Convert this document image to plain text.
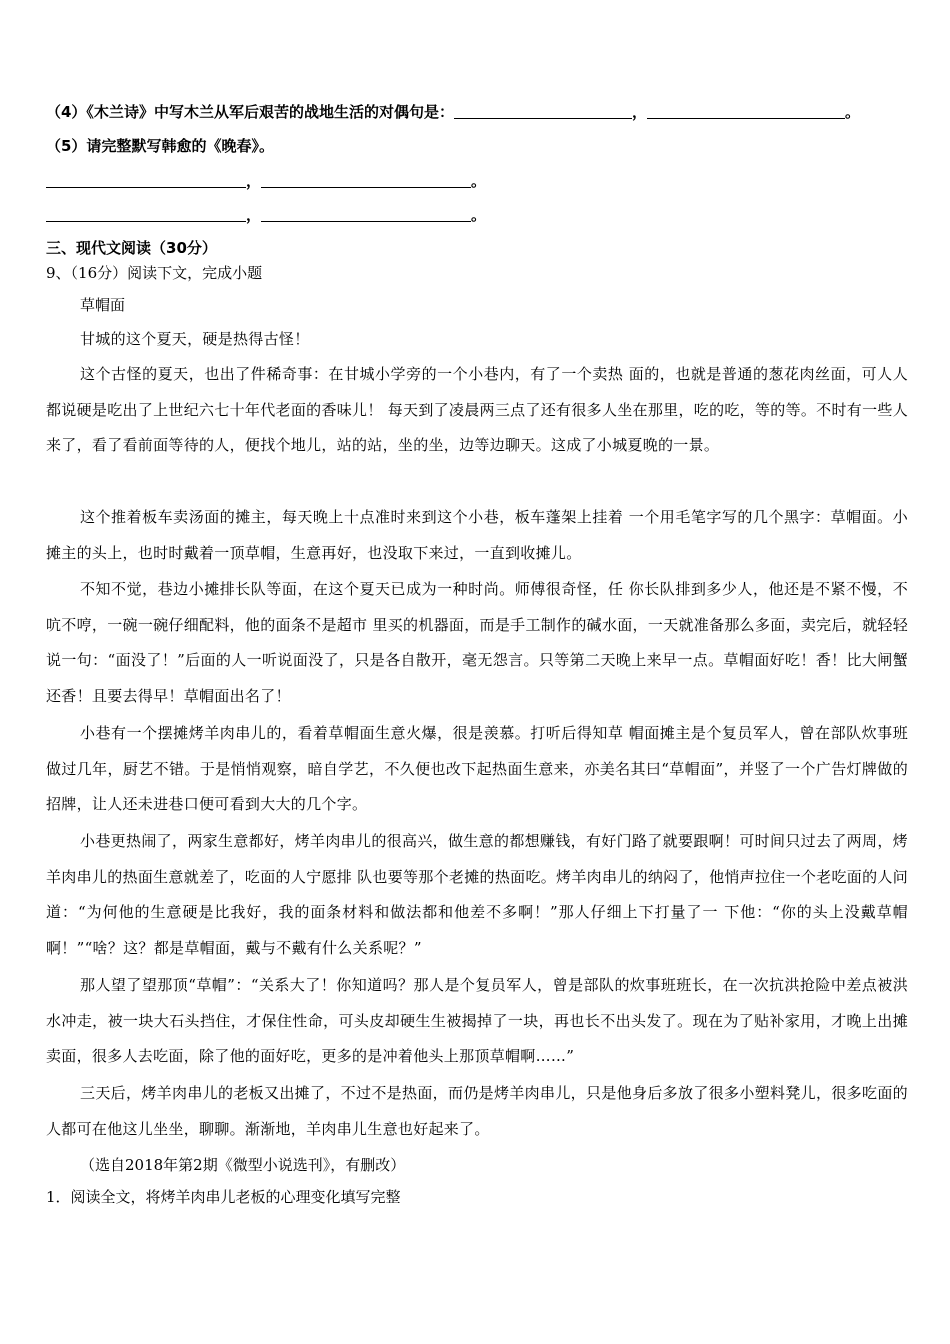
（4）《木兰诗》中写木兰从军后艰苦的战地生活的对偶句是：	，	。
（5）请完整默写韩愈的《晚春》。
，	。
，	。
三、现代文阅读（30分）
9、（16分）阅读下文，完成小题
草帽面
甘城的这个夏天，硬是热得古怪！
这个古怪的夏天，也出了件稀奇事：在甘城小学旁的一个小巷内，有了一个卖热 面的，也就是普通的葱花肉丝面，可人人都说硬是吃出了上世纪六七十年代老面的香味儿！ 每天到了凌晨两三点了还有很多人坐在那里，吃的吃，等的等。不时有一些人来了，看了看前面等待的人，便找个地儿，站的站，坐的坐，边等边聊天。这成了小城夏晚的一景。
这个推着板车卖汤面的摊主，每天晚上十点准时来到这个小巷，板车蓬架上挂着 一个用毛笔字写的几个黑字：草帽面。小摊主的头上，也时时戴着一顶草帽，生意再好，也没取下来过，一直到收摊儿。
不知不觉，巷边小摊排长队等面，在这个夏天已成为一种时尚。师傅很奇怪，任 你长队排到多少人，他还是不紧不慢，不吭不哼，一碗一碗仔细配料，他的面条不是超市 里买的机器面，而是手工制作的碱水面，一天就准备那么多面，卖完后，就轻轻说一句：“面没了！”后面的人一听说面没了，只是各自散开，毫无怨言。只等第二天晚上来早一点。草帽面好吃！香！比大闸蟹还香！且要去得早！草帽面出名了！
小巷有一个摆摊烤羊肉串儿的，看着草帽面生意火爆，很是羡慕。打听后得知草 帽面摊主是个复员军人，曾在部队炊事班做过几年，厨艺不错。于是悄悄观察，暗自学艺，不久便也改下起热面生意来，亦美名其曰“草帽面”，并竖了一个广告灯牌做的招牌，让人还未进巷口便可看到大大的几个字。
小巷更热闹了，两家生意都好，烤羊肉串儿的很高兴，做生意的都想赚钱，有好门路了就要跟啊！可时间只过去了两周，烤羊肉串儿的热面生意就差了，吃面的人宁愿排 队也要等那个老摊的热面吃。烤羊肉串儿的纳闷了，他悄声拉住一个老吃面的人问道：“为何他的生意硬是比我好，我的面条材料和做法都和他差不多啊！”那人仔细上下打量了一 下他：“你的头上没戴草帽啊！”“啥？这？都是草帽面，戴与不戴有什么关系呢？”
那人望了望那顶“草帽”：“关系大了！你知道吗？那人是个复员军人，曾是部队的炊事班班长，在一次抗洪抢险中差点被洪水冲走，被一块大石头挡住，才保住性命，可头皮却硬生生被揭掉了一块，再也长不出头发了。现在为了贴补家用，才晚上出摊卖面，很多人去吃面，除了他的面好吃，更多的是冲着他头上那顶草帽啊……”
三天后，烤羊肉串儿的老板又出摊了，不过不是热面，而仍是烤羊肉串儿，只是他身后多放了很多小塑料凳儿，很多吃面的人都可在他这儿坐坐，聊聊。渐渐地，羊肉串儿生意也好起来了。
（选自2018年第2期《微型小说选刊》，有删改）
1．阅读全文，将烤羊肉串儿老板的心理变化填写完整
